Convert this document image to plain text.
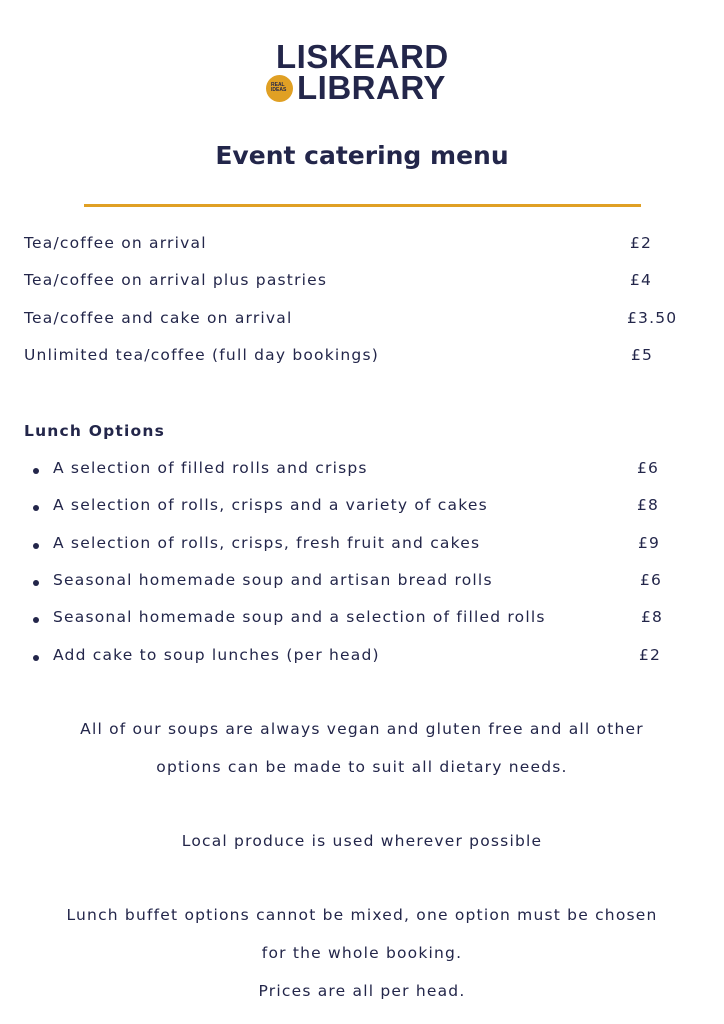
LISKEARD
REAL
IDEAS LIBRARY
Event catering menu
Tea/coffee on arrival	£2
Tea/coffee on arrival plus pastries	£4
Tea/coffee and cake on arrival	£3.50
Unlimited tea/coffee (full day bookings)	£5
Lunch Options
A selection of filled rolls and crisps	£6
A selection of rolls, crisps and a variety of cakes	£8
A selection of rolls, crisps, fresh fruit and cakes	£9
Seasonal homemade soup and artisan bread rolls	£6
Seasonal homemade soup and a selection of filled rolls	£8
Add cake to soup lunches (per head)	£2
All of our soups are always vegan and gluten free and all other
options can be made to suit all dietary needs.
Local produce is used wherever possible
Lunch buffet options cannot be mixed, one option must be chosen
for the whole booking.
Prices are all per head.
